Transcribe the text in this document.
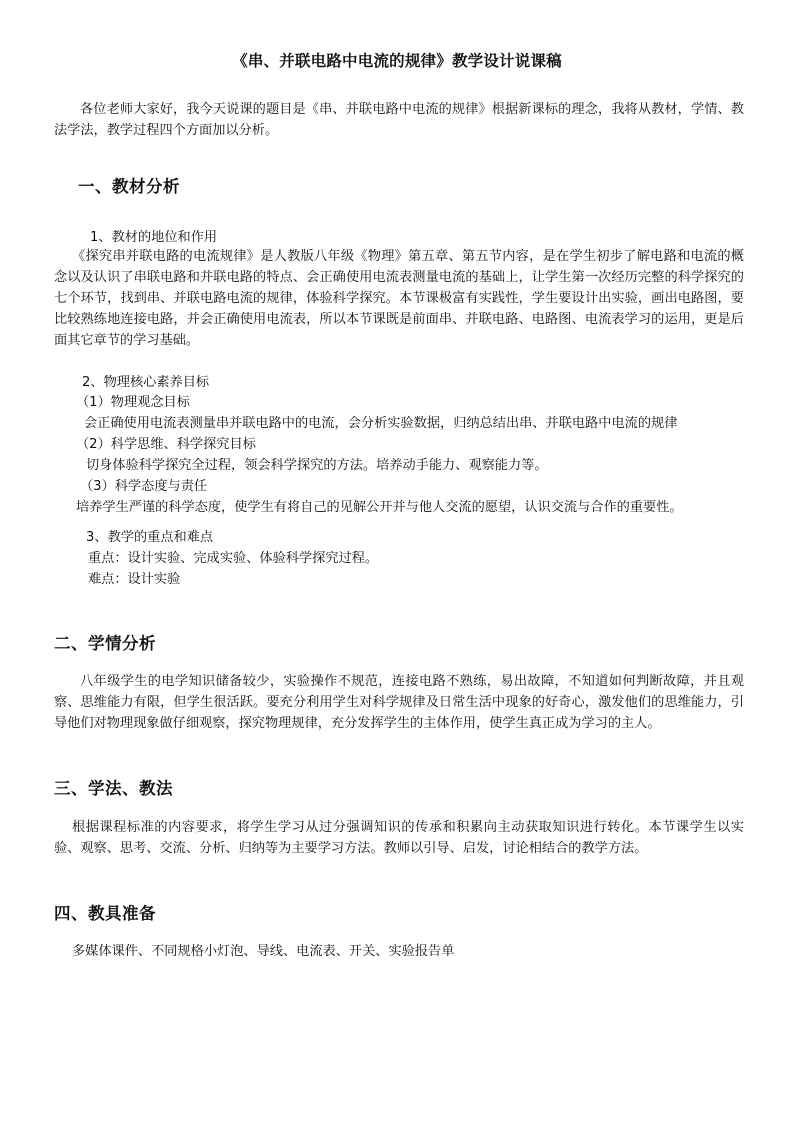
《串、并联电路中电流的规律》教学设计说课稿
各位老师大家好，我今天说课的题目是《串、并联电路中电流的规律》根据新课标的理念，我将从教材，学情、教法学法，教学过程四个方面加以分析。
一、教材分析
1、教材的地位和作用
《探究串并联电路的电流规律》是人教版八年级《物理》第五章、第五节内容，是在学生初步了解电路和电流的概念以及认识了串联电路和并联电路的特点、会正确使用电流表测量电流的基础上，让学生第一次经历完整的科学探究的七个环节，找到串、并联电路电流的规律，体验科学探究。本节课极富有实践性，学生要设计出实验，画出电路图，要比较熟练地连接电路，并会正确使用电流表，所以本节课既是前面串、并联电路、电路图、电流表学习的运用，更是后面其它章节的学习基础。
2、物理核心素养目标
（1）物理观念目标
会正确使用电流表测量串并联电路中的电流，会分析实验数据，归纳总结出串、并联电路中电流的规律
（2）科学思维、科学探究目标
切身体验科学探究全过程，领会科学探究的方法。培养动手能力、观察能力等。
（3）科学态度与责任
培养学生严谨的科学态度，使学生有将自己的见解公开并与他人交流的愿望，认识交流与合作的重要性。
3、教学的重点和难点
重点：设计实验、完成实验、体验科学探究过程。
难点：设计实验
二、学情分析
八年级学生的电学知识储备较少，实验操作不规范，连接电路不熟练，易出故障，不知道如何判断故障，并且观察、思维能力有限，但学生很活跃。要充分利用学生对科学规律及日常生活中现象的好奇心，激发他们的思维能力，引导他们对物理现象做仔细观察，探究物理规律，充分发挥学生的主体作用，使学生真正成为学习的主人。
三、学法、教法
根据课程标准的内容要求，将学生学习从过分强调知识的传承和积累向主动获取知识进行转化。本节课学生以实验、观察、思考、交流、分析、归纳等为主要学习方法。教师以引导、启发，讨论相结合的教学方法。
四、教具准备
多媒体课件、不同规格小灯泡、导线、电流表、开关、实验报告单
